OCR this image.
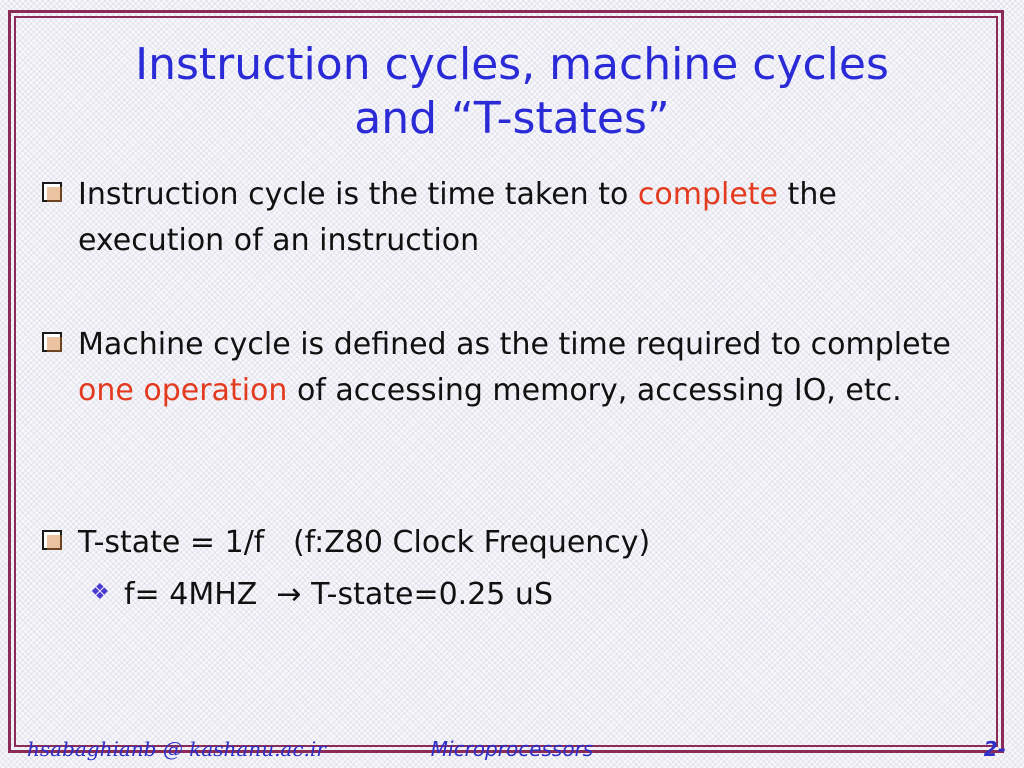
Instruction cycles, machine cycles
and “T-states”
Instruction cycle is the time taken to complete the execution of an instruction
Machine cycle is defined as the time required to complete one operation of accessing memory, accessing IO, etc.
T-state = 1/f   (f:Z80 Clock Frequency)
❖ f= 4MHZ  → T-state=0.25 uS
hsabaghianb @ kashanu.ac.ir	Microprocessors	2-
